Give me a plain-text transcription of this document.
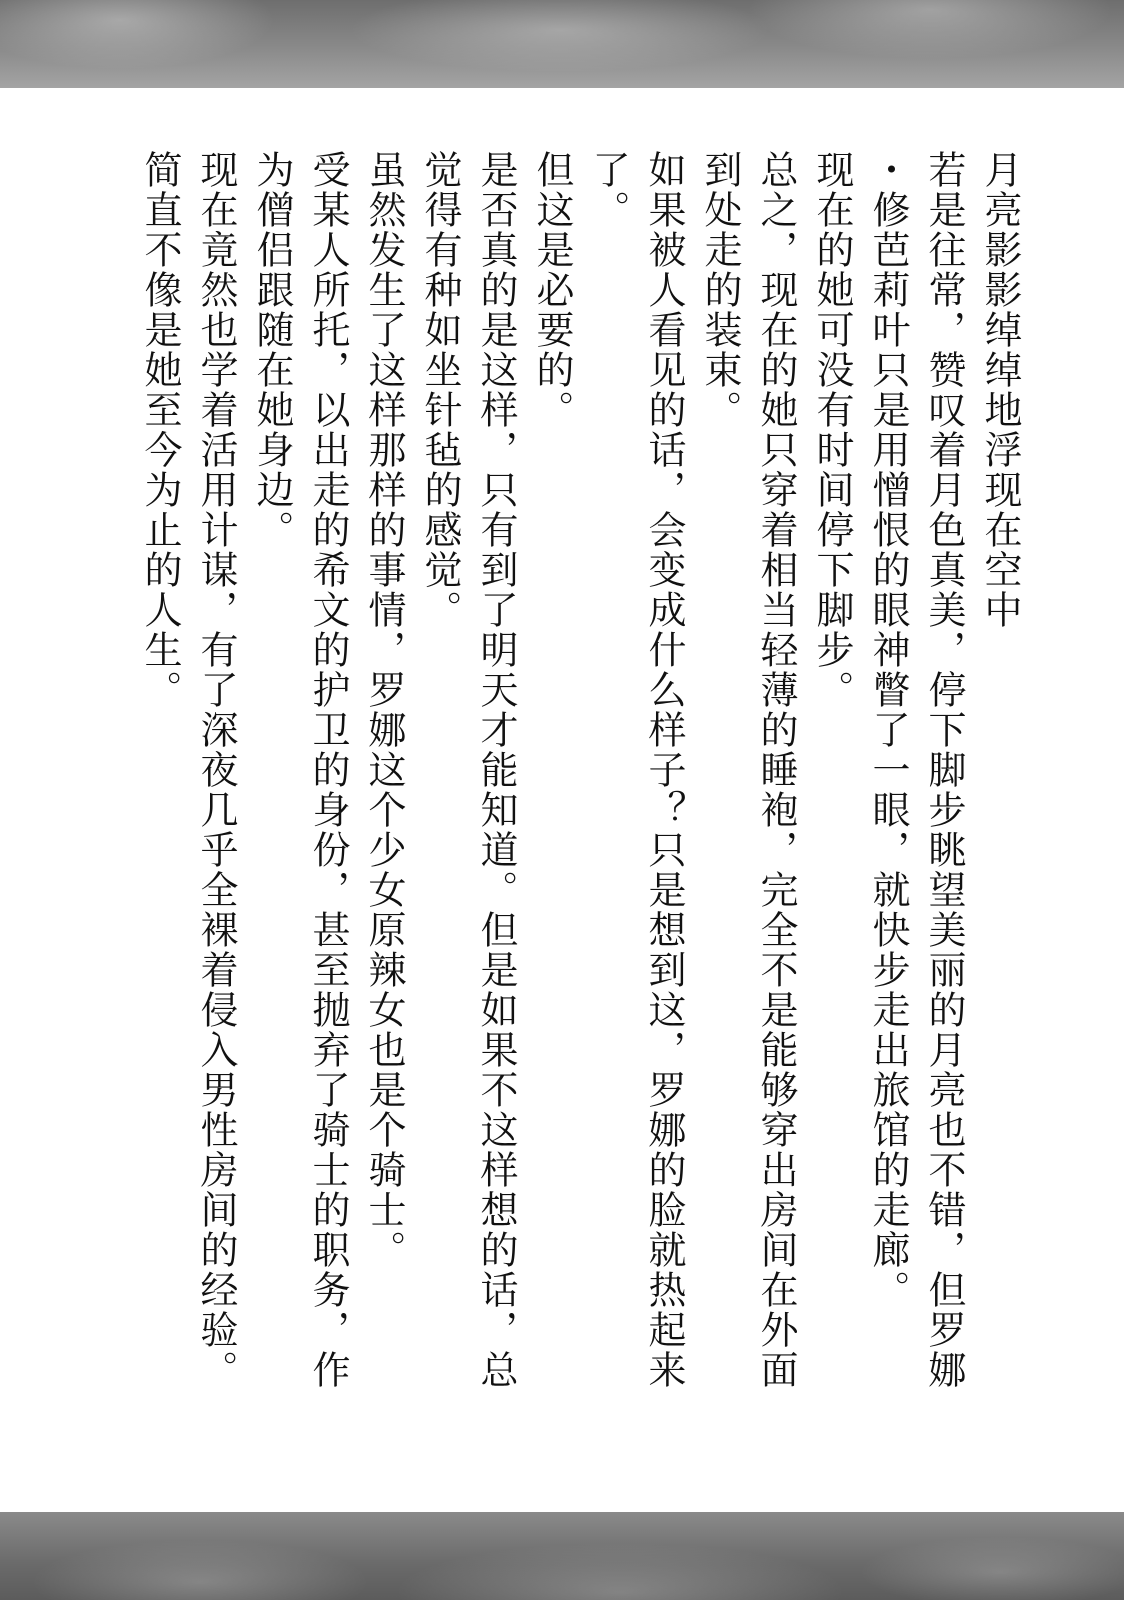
月亮影影绰绰地浮现在空中
若是往常，赞叹着月色真美，停下脚步眺望美丽的月亮也不错，但罗娜
・修芭莉叶只是用憎恨的眼神瞥了一眼，就快步走出旅馆的走廊。
现在的她可没有时间停下脚步。
总之，现在的她只穿着相当轻薄的睡袍，完全不是能够穿出房间在外面
到处走的装束。
如果被人看见的话，会变成什么样子？只是想到这，罗娜的脸就热起来
了。
但这是必要的。
是否真的是这样，只有到了明天才能知道。但是如果不这样想的话，总
觉得有种如坐针毡的感觉。
虽然发生了这样那样的事情，罗娜这个少女原辣女也是个骑士。
受某人所托，以出走的希文的护卫的身份，甚至抛弃了骑士的职务，作
为僧侣跟随在她身边。
现在竟然也学着活用计谋，有了深夜几乎全裸着侵入男性房间的经验。
简直不像是她至今为止的人生。
